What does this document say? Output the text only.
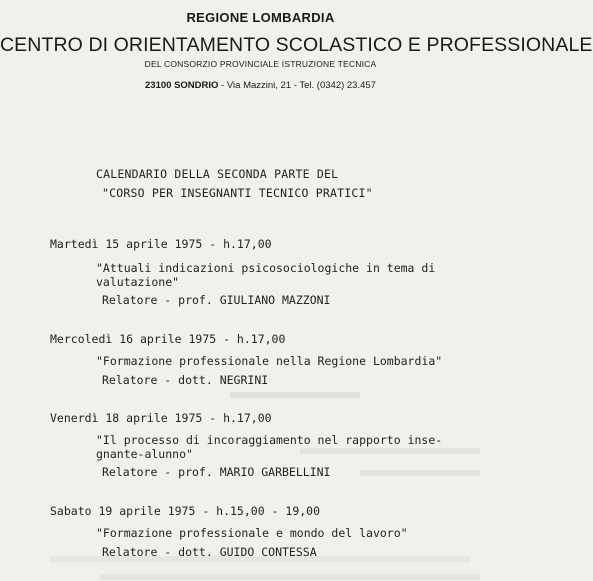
REGIONE LOMBARDIA
CENTRO DI ORIENTAMENTO SCOLASTICO E PROFESSIONALE
DEL CONSORZIO PROVINCIALE ISTRUZIONE TECNICA
23100 SONDRIO - Via Mazzini, 21 - Tel. (0342) 23.457
CALENDARIO DELLA SECONDA PARTE DEL
"CORSO PER INSEGNANTI TECNICO PRATICI"
Martedì 15 aprile 1975 - h.17,00
"Attuali indicazioni psicosociologiche in tema di
valutazione"
Relatore - prof. GIULIANO MAZZONI
Mercoledì 16 aprile 1975 - h.17,00
"Formazione professionale nella Regione Lombardia"
Relatore - dott. NEGRINI
Venerdì 18 aprile 1975 - h.17,00
"Il processo di incoraggiamento nel rapporto inse-
gnante-alunno"
Relatore - prof. MARIO GARBELLINI
Sabato 19 aprile 1975 - h.15,00 - 19,00
"Formazione professionale e mondo del lavoro"
Relatore - dott. GUIDO CONTESSA
